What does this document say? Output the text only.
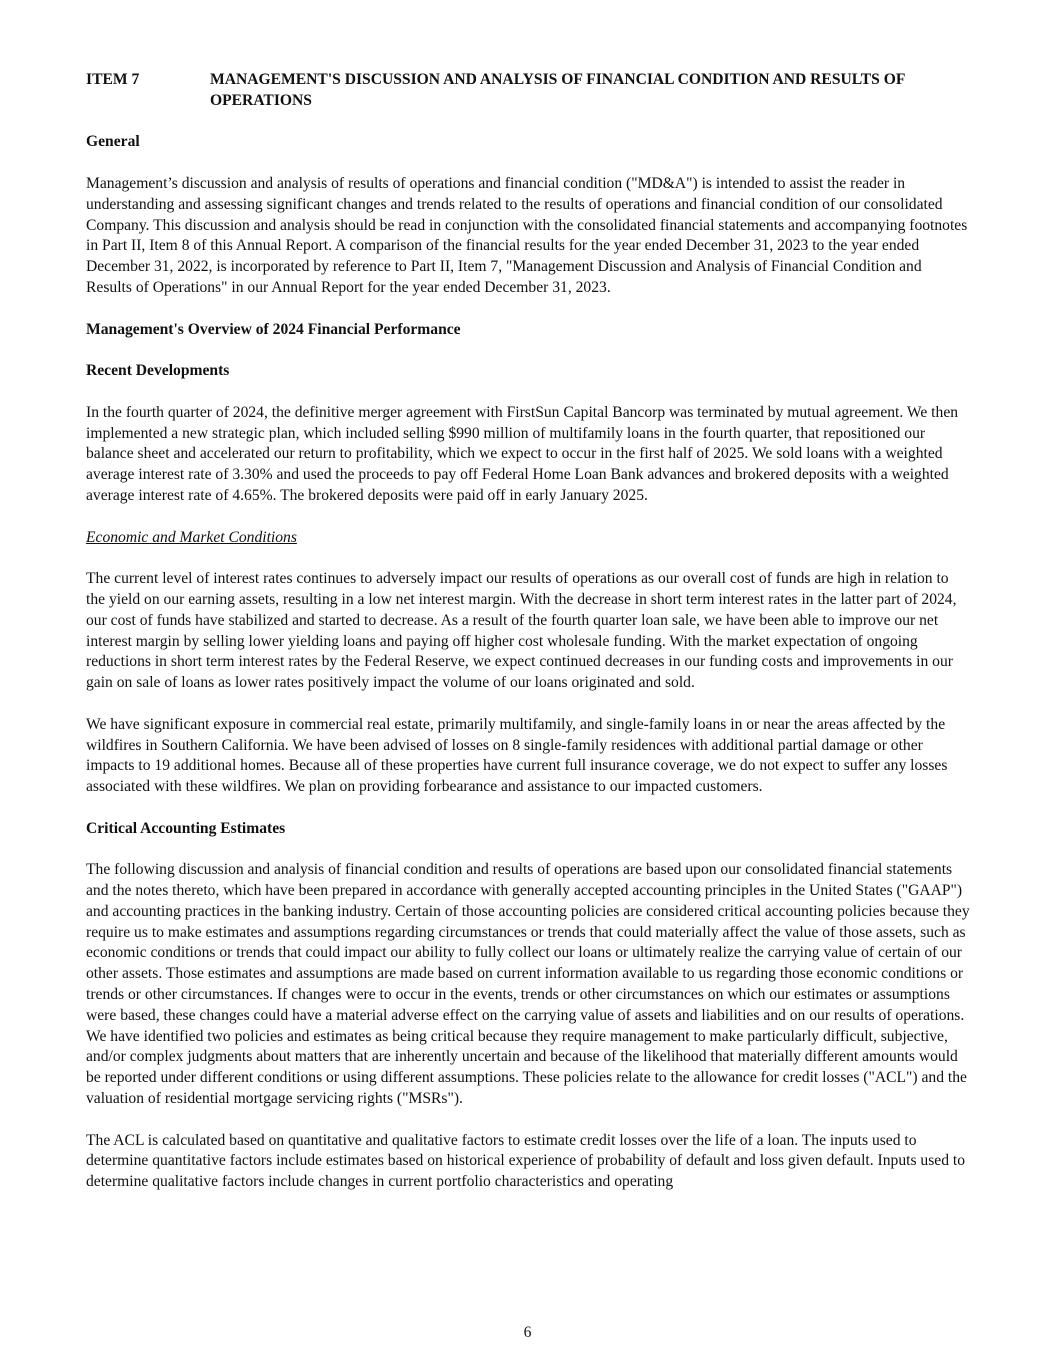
ITEM 7	MANAGEMENT'S DISCUSSION AND ANALYSIS OF FINANCIAL CONDITION AND RESULTS OF OPERATIONS
General

Management’s discussion and analysis of results of operations and financial condition ("MD&A") is intended to assist the reader in understanding and assessing significant changes and trends related to the results of operations and financial condition of our consolidated Company. This discussion and analysis should be read in conjunction with the consolidated financial statements and accompanying footnotes in Part II, Item 8 of this Annual Report. A comparison of the financial results for the year ended December 31, 2023 to the year ended December 31, 2022, is incorporated by reference to Part II, Item 7, "Management Discussion and Analysis of Financial Condition and Results of Operations" in our Annual Report for the year ended December 31, 2023.

Management's Overview of 2024 Financial Performance
Recent Developments

In the fourth quarter of 2024, the definitive merger agreement with FirstSun Capital Bancorp was terminated by mutual agreement. We then implemented a new strategic plan, which included selling $990 million of multifamily loans in the fourth quarter, that repositioned our balance sheet and accelerated our return to profitability, which we expect to occur in the first half of 2025. We sold loans with a weighted average interest rate of 3.30% and used the proceeds to pay off Federal Home Loan Bank advances and brokered deposits with a weighted average interest rate of 4.65%. The brokered deposits were paid off in early January 2025.

Economic and Market Conditions

The current level of interest rates continues to adversely impact our results of operations as our overall cost of funds are high in relation to the yield on our earning assets, resulting in a low net interest margin. With the decrease in short term interest rates in the latter part of 2024, our cost of funds have stabilized and started to decrease. As a result of the fourth quarter loan sale, we have been able to improve our net interest margin by selling lower yielding loans and paying off higher cost wholesale funding. With the market expectation of ongoing reductions in short term interest rates by the Federal Reserve, we expect continued decreases in our funding costs and improvements in our gain on sale of loans as lower rates positively impact the volume of our loans originated and sold.

We have significant exposure in commercial real estate, primarily multifamily, and single-family loans in or near the areas affected by the wildfires in Southern California. We have been advised of losses on 8 single-family residences with additional partial damage or other impacts to 19 additional homes. Because all of these properties have current full insurance coverage, we do not expect to suffer any losses associated with these wildfires. We plan on providing forbearance and assistance to our impacted customers.

Critical Accounting Estimates

The following discussion and analysis of financial condition and results of operations are based upon our consolidated financial statements and the notes thereto, which have been prepared in accordance with generally accepted accounting principles in the United States ("GAAP") and accounting practices in the banking industry. Certain of those accounting policies are considered critical accounting policies because they require us to make estimates and assumptions regarding circumstances or trends that could materially affect the value of those assets, such as economic conditions or trends that could impact our ability to fully collect our loans or ultimately realize the carrying value of certain of our other assets. Those estimates and assumptions are made based on current information available to us regarding those economic conditions or trends or other circumstances. If changes were to occur in the events, trends or other circumstances on which our estimates or assumptions were based, these changes could have a material adverse effect on the carrying value of assets and liabilities and on our results of operations. We have identified two policies and estimates as being critical because they require management to make particularly difficult, subjective, and/or complex judgments about matters that are inherently uncertain and because of the likelihood that materially different amounts would be reported under different conditions or using different assumptions. These policies relate to the allowance for credit losses ("ACL") and the valuation of residential mortgage servicing rights ("MSRs").

The ACL is calculated based on quantitative and qualitative factors to estimate credit losses over the life of a loan. The inputs used to determine quantitative factors include estimates based on historical experience of probability of default and loss given default. Inputs used to determine qualitative factors include changes in current portfolio characteristics and operating

6
